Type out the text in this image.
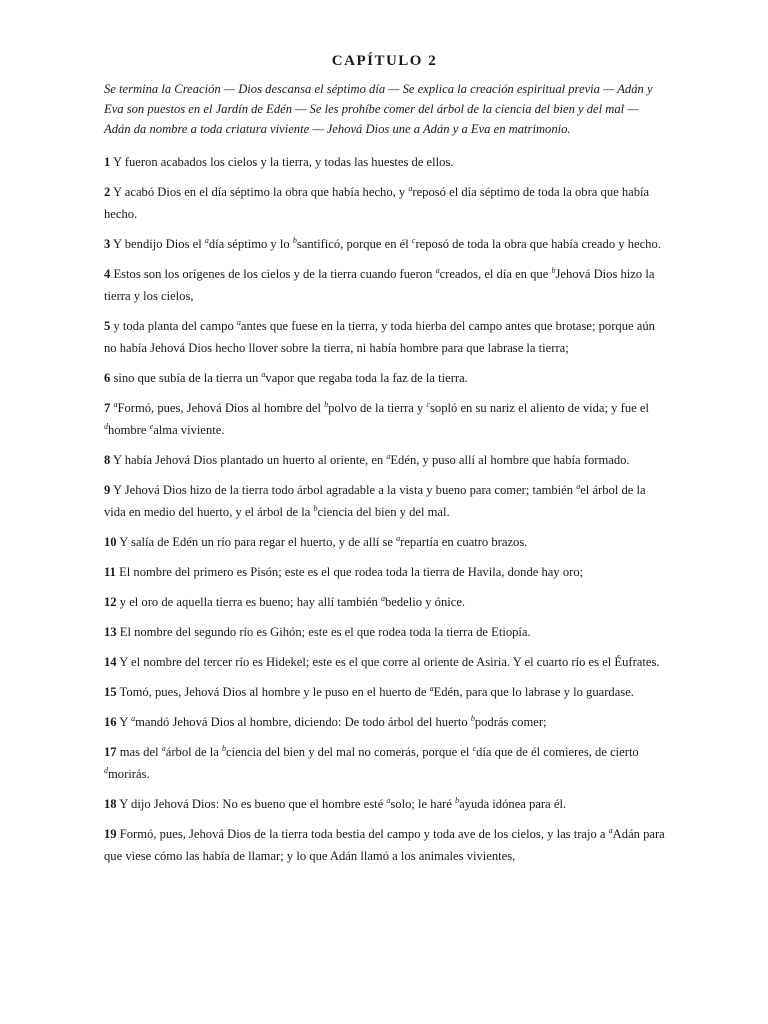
CAPÍTULO 2

Se termina la Creación — Dios descansa el séptimo día — Se explica la creación espiritual previa — Adán y Eva son puestos en el Jardín de Edén — Se les prohíbe comer del árbol de la ciencia del bien y del mal — Adán da nombre a toda criatura viviente — Jehová Dios une a Adán y a Eva en matrimonio.

1 Y fueron acabados los cielos y la tierra, y todas las huestes de ellos.

2 Y acabó Dios en el día séptimo la obra que había hecho, y $^a$reposó el día séptimo de toda la obra que había hecho.

3 Y bendijo Dios el $^a$día séptimo y lo $^b$santificó, porque en él $^c$reposó de toda la obra que había creado y hecho.

4 Estos son los orígenes de los cielos y de la tierra cuando fueron $^a$creados, el día en que $^b$Jehová Dios hizo la tierra y los cielos,

5 y toda planta del campo $^a$antes que fuese en la tierra, y toda hierba del campo antes que brotase; porque aún no había Jehová Dios hecho llover sobre la tierra, ni había hombre para que labrase la tierra;

6 sino que subía de la tierra un $^a$vapor que regaba toda la faz de la tierra.

7 $^a$Formó, pues, Jehová Dios al hombre del $^b$polvo de la tierra y $^c$sopló en su nariz el aliento de vida; y fue el $^d$hombre $^e$alma viviente.

8 Y había Jehová Dios plantado un huerto al oriente, en $^a$Edén, y puso allí al hombre que había formado.

9 Y Jehová Dios hizo de la tierra todo árbol agradable a la vista y bueno para comer; también $^a$el árbol de la vida en medio del huerto, y el árbol de la $^b$ciencia del bien y del mal.

10 Y salía de Edén un río para regar el huerto, y de allí se $^a$repartía en cuatro brazos.

11 El nombre del primero es Pisón; este es el que rodea toda la tierra de Havila, donde hay oro;

12 y el oro de aquella tierra es bueno; hay allí también $^a$bedelio y ónice.

13 El nombre del segundo río es Gihón; este es el que rodea toda la tierra de Etiopía.

14 Y el nombre del tercer río es Hidekel; este es el que corre al oriente de Asiria. Y el cuarto río es el Éufrates.

15 Tomó, pues, Jehová Dios al hombre y le puso en el huerto de $^a$Edén, para que lo labrase y lo guardase.

16 Y $^a$mandó Jehová Dios al hombre, diciendo: De todo árbol del huerto $^b$podrás comer;

17 mas del $^a$árbol de la $^b$ciencia del bien y del mal no comerás, porque el $^c$día que de él comieres, de cierto $^d$morirás.

18 Y dijo Jehová Dios: No es bueno que el hombre esté $^a$solo; le haré $^b$ayuda idónea para él.

19 Formó, pues, Jehová Dios de la tierra toda bestia del campo y toda ave de los cielos, y las trajo a $^a$Adán para que viese cómo las había de llamar; y lo que Adán llamó a los animales vivientes,
